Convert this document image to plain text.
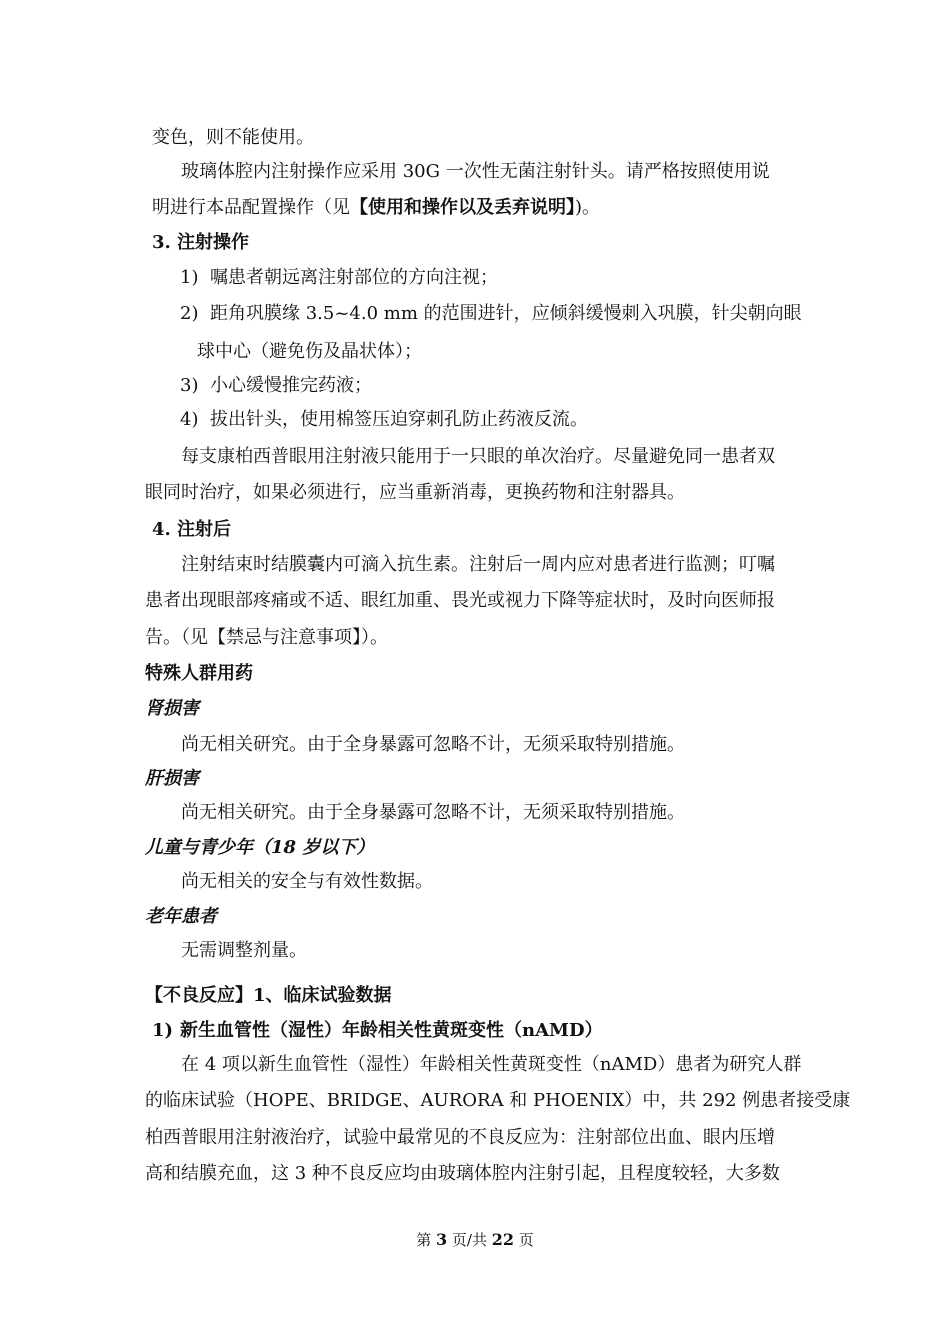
变色，则不能使用。
玻璃体腔内注射操作应采用 30G 一次性无菌注射针头。请严格按照使用说
明进行本品配置操作（见【使用和操作以及丢弃说明】)。
3. 注射操作
1) 嘱患者朝远离注射部位的方向注视；
2) 距角巩膜缘 3.5~4.0 mm 的范围进针，应倾斜缓慢刺入巩膜，针尖朝向眼
球中心（避免伤及晶状体）；
3) 小心缓慢推完药液；
4) 拔出针头，使用棉签压迫穿刺孔防止药液反流。
每支康柏西普眼用注射液只能用于一只眼的单次治疗。尽量避免同一患者双
眼同时治疗，如果必须进行，应当重新消毒，更换药物和注射器具。
4. 注射后
注射结束时结膜囊内可滴入抗生素。注射后一周内应对患者进行监测；叮嘱
患者出现眼部疼痛或不适、眼红加重、畏光或视力下降等症状时，及时向医师报
告。（见【禁忌与注意事项】）。
特殊人群用药
肾损害
尚无相关研究。由于全身暴露可忽略不计，无须采取特别措施。
肝损害
尚无相关研究。由于全身暴露可忽略不计，无须采取特别措施。
儿童与青少年（18 岁以下）
尚无相关的安全与有效性数据。
老年患者
无需调整剂量。
【不良反应】1、临床试验数据
1) 新生血管性（湿性）年龄相关性黄斑变性（nAMD）
在 4 项以新生血管性（湿性）年龄相关性黄斑变性（nAMD）患者为研究人群
的临床试验（HOPE、BRIDGE、AURORA 和 PHOENIX）中，共 292 例患者接受康
柏西普眼用注射液治疗，试验中最常见的不良反应为：注射部位出血、眼内压增
高和结膜充血，这 3 种不良反应均由玻璃体腔内注射引起，且程度较轻，大多数
第 3 页/共 22 页
